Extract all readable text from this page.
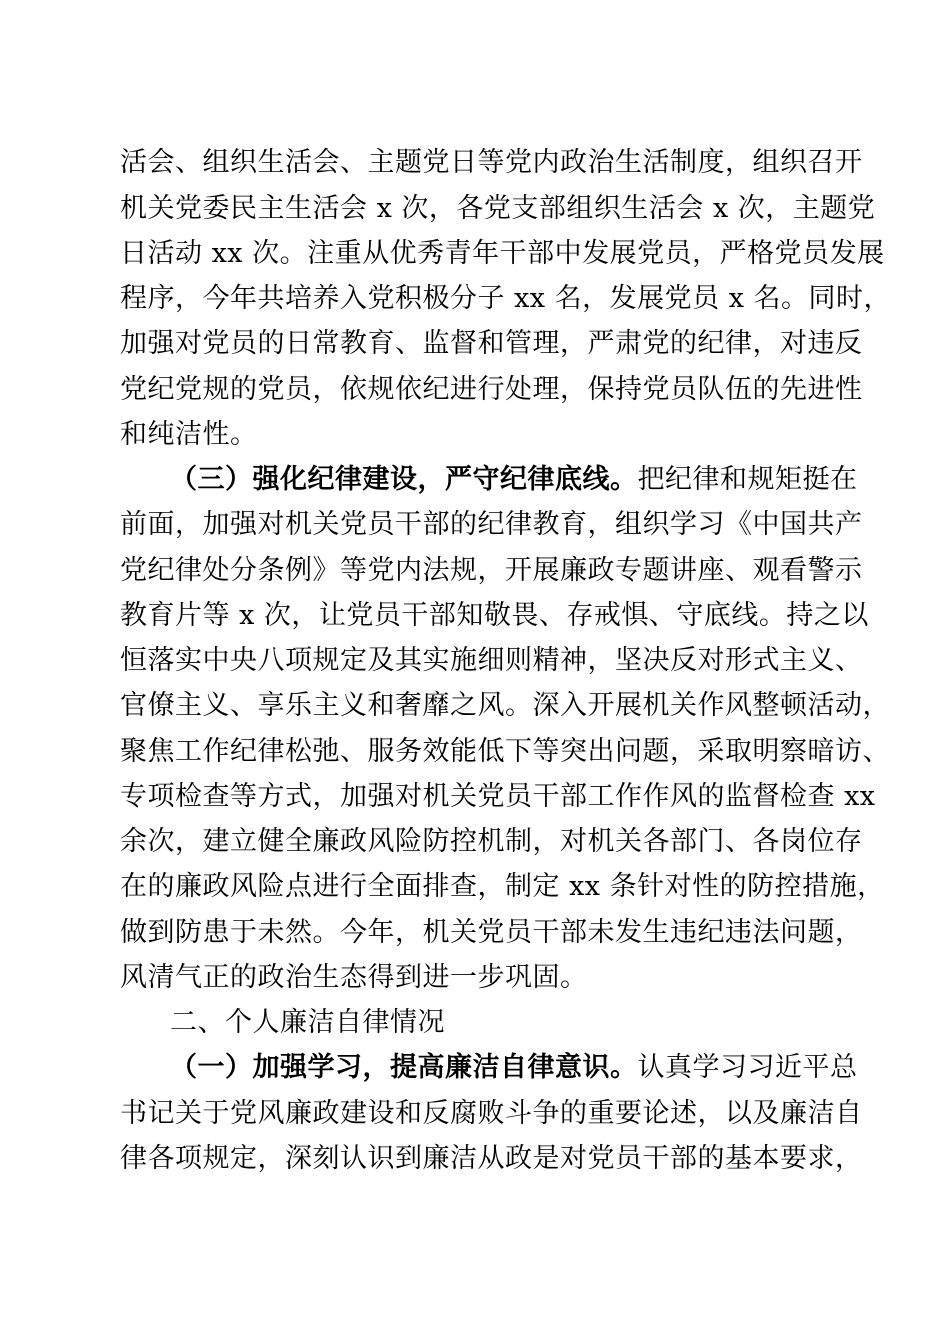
活会、组织生活会、主题党日等党内政治生活制度，组织召开
机关党委民主生活会 x 次，各党支部组织生活会 x 次，主题党
日活动 xx 次。注重从优秀青年干部中发展党员，严格党员发展
程序，今年共培养入党积极分子 xx 名，发展党员 x 名。同时，
加强对党员的日常教育、监督和管理，严肃党的纪律，对违反
党纪党规的党员，依规依纪进行处理，保持党员队伍的先进性
和纯洁性。
（三）强化纪律建设，严守纪律底线。把纪律和规矩挺在
前面，加强对机关党员干部的纪律教育，组织学习《中国共产
党纪律处分条例》等党内法规，开展廉政专题讲座、观看警示
教育片等 x 次，让党员干部知敬畏、存戒惧、守底线。持之以
恒落实中央八项规定及其实施细则精神，坚决反对形式主义、
官僚主义、享乐主义和奢靡之风。深入开展机关作风整顿活动，
聚焦工作纪律松弛、服务效能低下等突出问题，采取明察暗访、
专项检查等方式，加强对机关党员干部工作作风的监督检查 xx
余次，建立健全廉政风险防控机制，对机关各部门、各岗位存
在的廉政风险点进行全面排查，制定 xx 条针对性的防控措施，
做到防患于未然。今年，机关党员干部未发生违纪违法问题，
风清气正的政治生态得到进一步巩固。
二、个人廉洁自律情况
（一）加强学习，提高廉洁自律意识。认真学习习近平总
书记关于党风廉政建设和反腐败斗争的重要论述，以及廉洁自
律各项规定，深刻认识到廉洁从政是对党员干部的基本要求，
